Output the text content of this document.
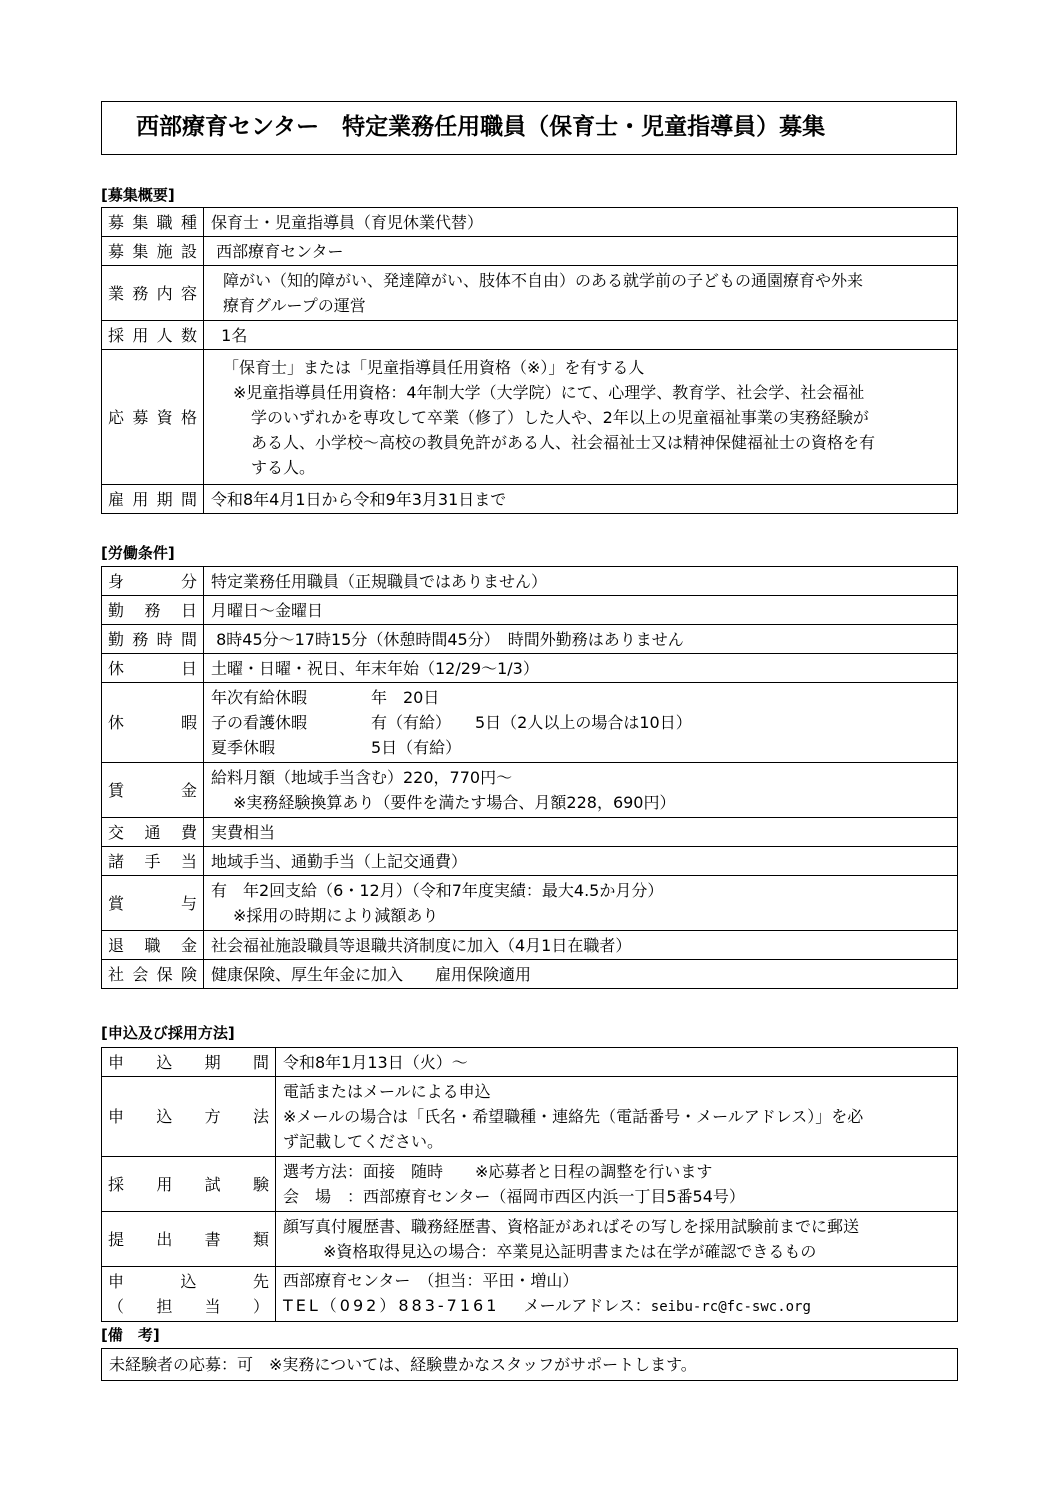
西部療育センター　特定業務任用職員（保育士・児童指導員）募集
[募集概要]
募集職種	保育士・児童指導員（育児休業代替）

募集施設	西部療育センター

業務内容	障がい（知的障がい、発達障がい、肢体不自由）のある就学前の子どもの通園療育や外来
療育グループの運営

採用人数	1名

応募資格	「保育士」または「児童指導員任用資格（※）」を有する人
※児童指導員任用資格：4年制大学（大学院）にて、心理学、教育学、社会学、社会福祉
学のいずれかを専攻して卒業（修了）した人や、2年以上の児童福祉事業の実務経験が
ある人、小学校～高校の教員免許がある人、社会福祉士又は精神保健福祉士の資格を有
する人。

雇用期間	令和8年4月1日から令和9年3月31日まで
[労働条件]
身分	特定業務任用職員（正規職員ではありません）

勤務日	月曜日～金曜日

勤務時間	8時45分～17時15分（休憩時間45分）　時間外勤務はありません

休日	土曜・日曜・祝日、年末年始（12/29～1/3）

休暇	年次有給休暇　　　　年　20日
子の看護休暇　　　　有（有給）　　5日（2人以上の場合は10日）
夏季休暇　　　　　　5日（有給）

賃金	給料月額（地域手当含む）220，770円～
※実務経験換算あり（要件を満たす場合、月額228，690円）

交通費	実費相当

諸手当	地域手当、通勤手当（上記交通費）

賞与	有　年2回支給（6・12月）（令和7年度実績：最大4.5か月分）
※採用の時期により減額あり

退職金	社会福祉施設職員等退職共済制度に加入（4月1日在職者）

社会保険	健康保険、厚生年金に加入　　雇用保険適用
[申込及び採用方法]
申込期間	令和8年1月13日（火）～

申込方法	電話またはメールによる申込
※メールの場合は「氏名・希望職種・連絡先（電話番号・メールアドレス）」を必
ず記載してください。

採用試験	選考方法：面接　随時　　※応募者と日程の調整を行います
会　場　：西部療育センター（福岡市西区内浜一丁目5番54号）

提出書類	顔写真付履歴書、職務経歴書、資格証があればその写しを採用試験前までに郵送
※資格取得見込の場合：卒業見込証明書または在学が確認できるもの

申込先
（担当）	西部療育センター　（担当：平田・増山）
TEL（092）883-7161 メールアドレス：seibu-rc@fc-swc.org
[備　考]
未経験者の応募：可　※実務については、経験豊かなスタッフがサポートします。
